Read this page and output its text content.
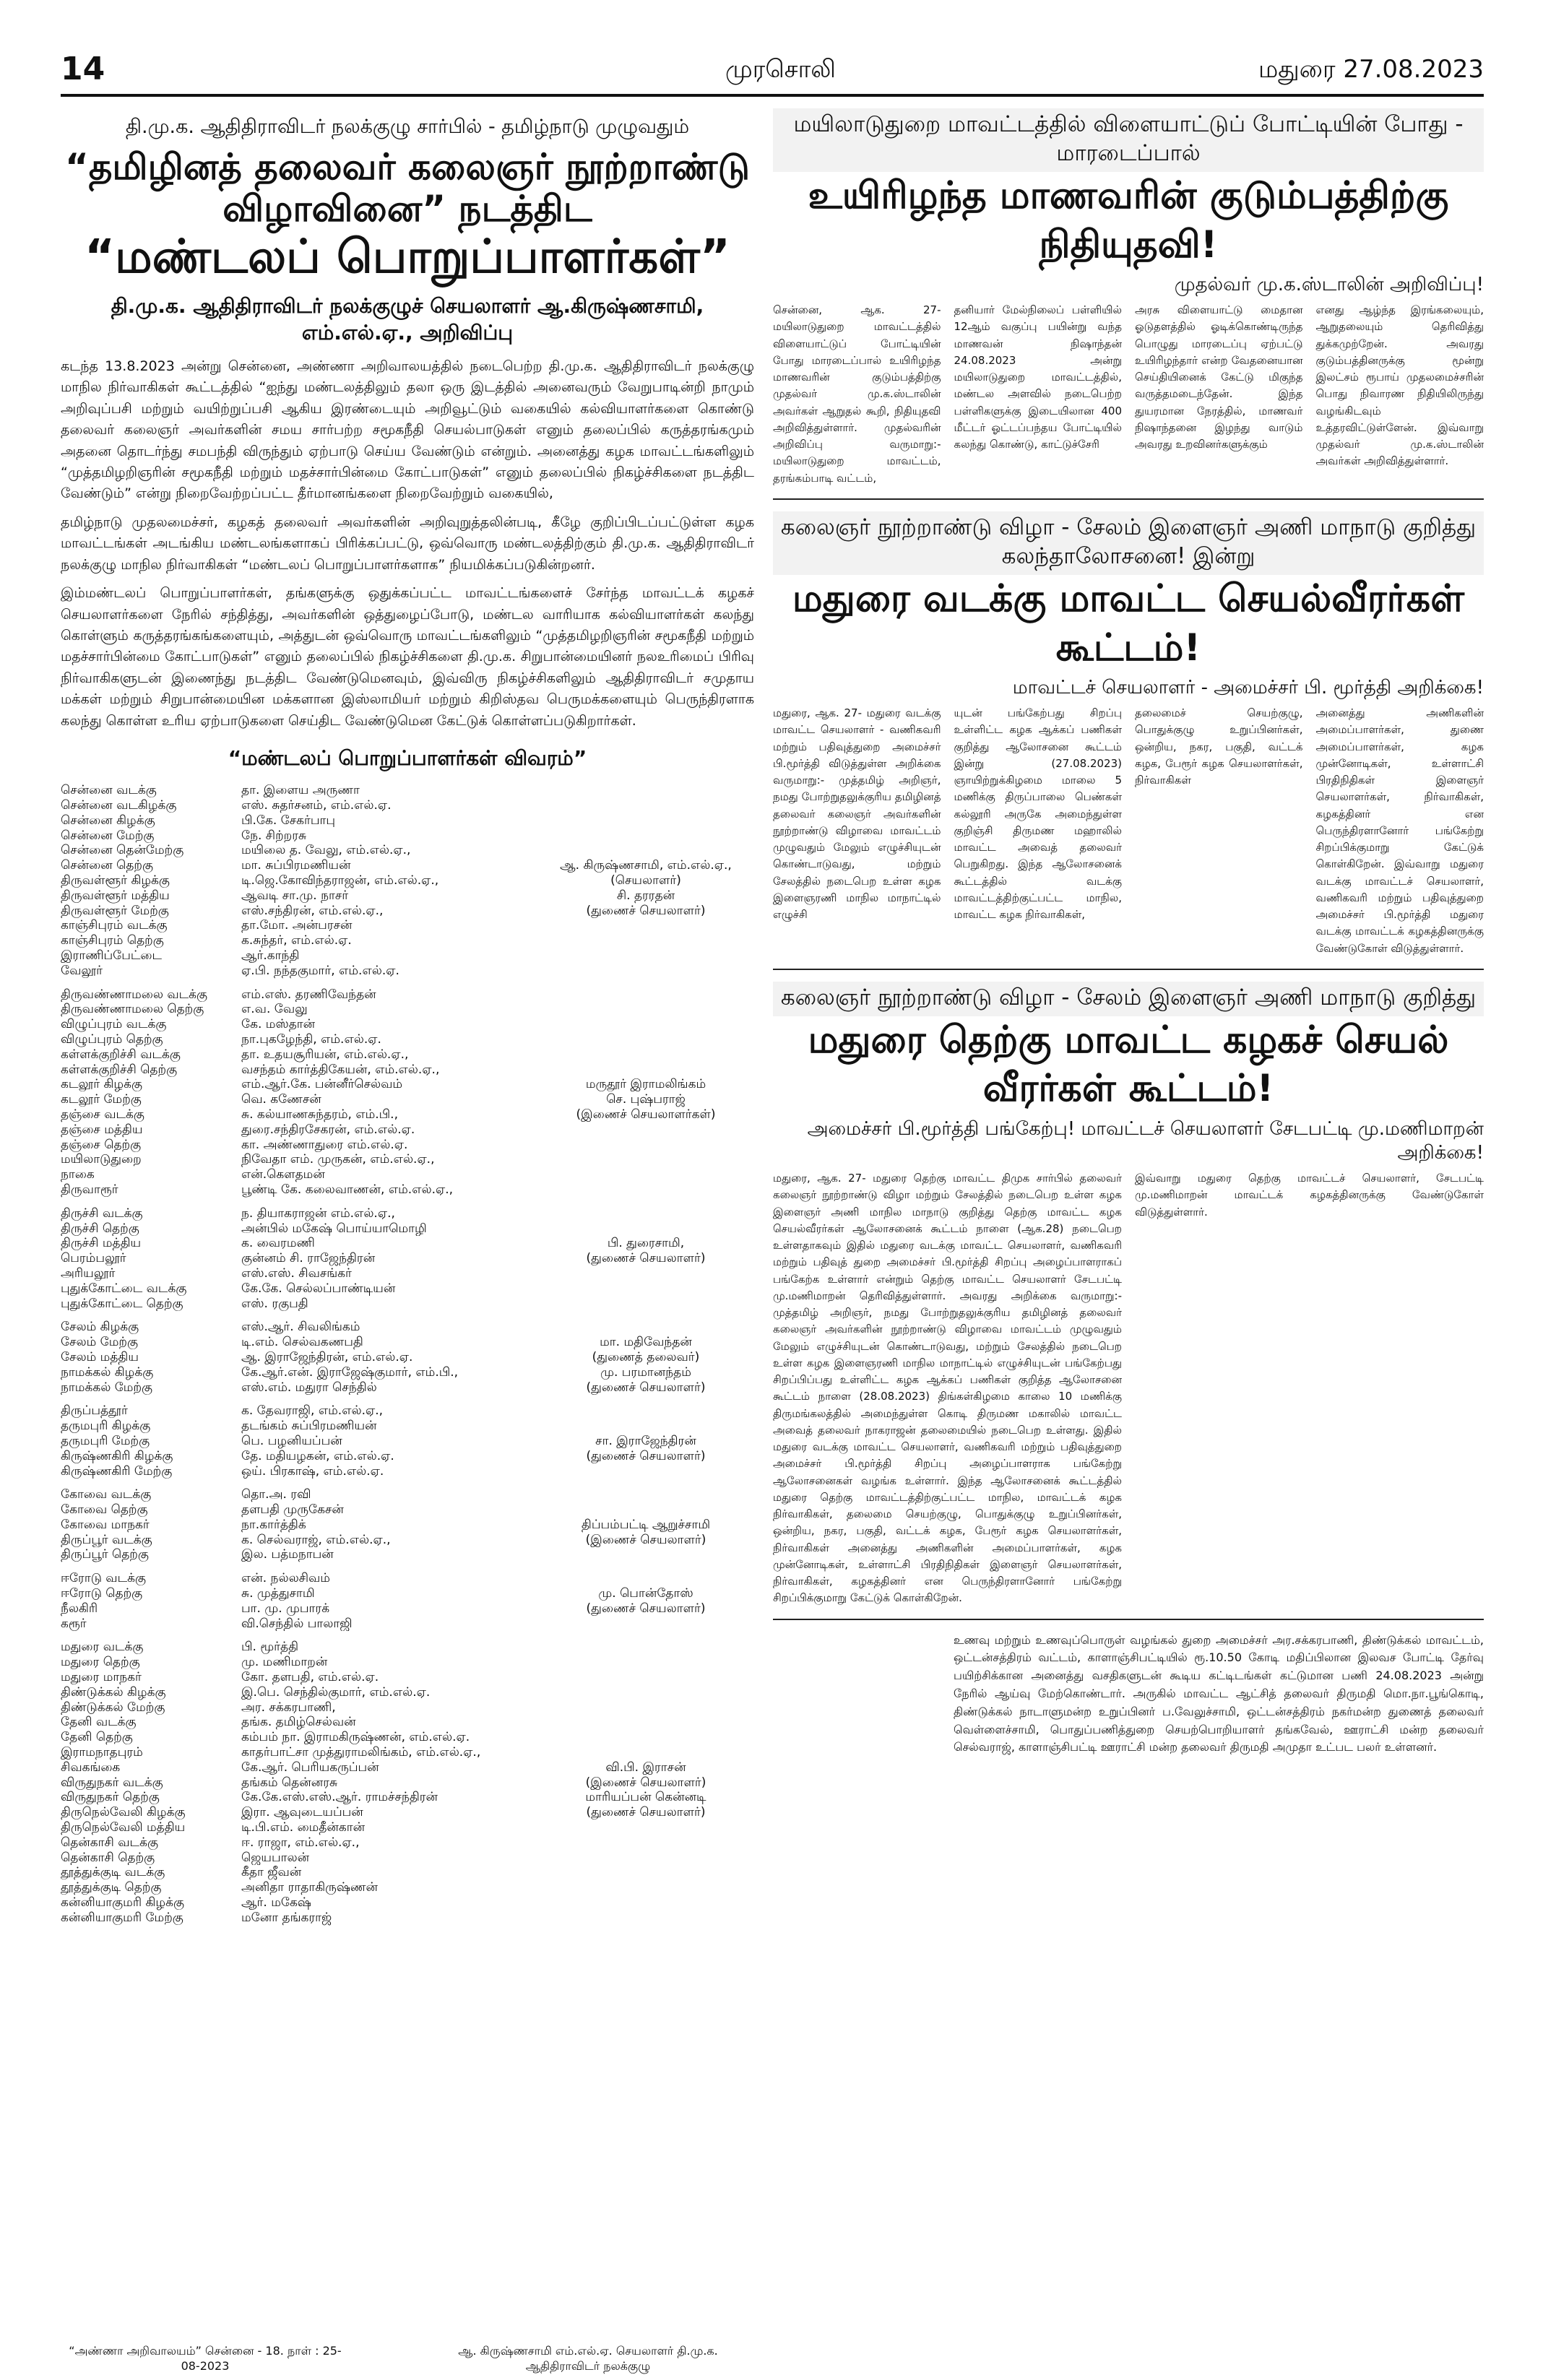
14	முரசொலி	மதுரை 27.08.2023
தி.மு.க. ஆதிதிராவிடர் நலக்குழு சார்பில் - தமிழ்நாடு முழுவதும்
“தமிழினத் தலைவர் கலைஞர் நூற்றாண்டு விழாவினை” நடத்திட
“மண்டலப் பொறுப்பாளர்கள்”
தி.மு.க. ஆதிதிராவிடர் நலக்குழுச் செயலாளர் ஆ.கிருஷ்ணசாமி, எம்.எல்.ஏ., அறிவிப்பு

கடந்த 13.8.2023 அன்று சென்னை, அண்ணா அறிவாலயத்தில் நடைபெற்ற தி.மு.க. ஆதிதிராவிடர் நலக்குழு மாநில நிர்வாகிகள் கூட்டத்தில் “ஐந்து மண்டலத்திலும் தலா ஒரு இடத்தில் அனைவரும் வேறுபாடின்றி நாமும் அறிவுப்பசி மற்றும் வயிற்றுப்பசி ஆகிய இரண்டையும் அறிவூட்டும் வகையில் கல்வியாளர்களை கொண்டு தலைவர் கலைஞர் அவர்களின் சமய சார்பற்ற சமூகநீதி செயல்பாடுகள் எனும் தலைப்பில் கருத்தரங்கமும் அதனை தொடர்ந்து சமபந்தி விருந்தும் ஏற்பாடு செய்ய வேண்டும் என்றும். அனைத்து கழக மாவட்டங்களிலும் “முத்தமிழறிஞரின் சமூகநீதி மற்றும் மதச்சார்பின்மை கோட்பாடுகள்” எனும் தலைப்பில் நிகழ்ச்சிகளை நடத்திட வேண்டும்” என்று நிறைவேற்றப்பட்ட தீர்மானங்களை நிறைவேற்றும் வகையில்,

தமிழ்நாடு முதலமைச்சர், கழகத் தலைவர் அவர்களின் அறிவுறுத்தலின்படி, கீழே குறிப்பிடப்பட்டுள்ள கழக மாவட்டங்கள் அடங்கிய மண்டலங்களாகப் பிரிக்கப்பட்டு, ஒவ்வொரு மண்டலத்திற்கும் தி.மு.க. ஆதிதிராவிடர் நலக்குழு மாநில நிர்வாகிகள் “மண்டலப் பொறுப்பாளர்களாக” நியமிக்கப்படுகின்றனர்.

இம்மண்டலப் பொறுப்பாளர்கள், தங்களுக்கு ஒதுக்கப்பட்ட மாவட்டங்களைச் சேர்ந்த மாவட்டக் கழகச் செயலாளர்களை நேரில் சந்தித்து, அவர்களின் ஒத்துழைப்போடு, மண்டல வாரியாக கல்வியாளர்கள் கலந்து கொள்ளும் கருத்தரங்கங்களையும், அத்துடன் ஒவ்வொரு மாவட்டங்களிலும் “முத்தமிழறிஞரின் சமூகநீதி மற்றும் மதச்சார்பின்மை கோட்பாடுகள்” எனும் தலைப்பில் நிகழ்ச்சிகளை தி.மு.க. சிறுபான்மையினர் நலஉரிமைப் பிரிவு நிர்வாகிகளுடன் இணைந்து நடத்திட வேண்டுமெனவும், இவ்விரு நிகழ்ச்சிகளிலும் ஆதிதிராவிடர் சமுதாய மக்கள் மற்றும் சிறுபான்மையின மக்களான இஸ்லாமியர் மற்றும் கிறிஸ்தவ பெருமக்களையும் பெருந்திரளாக கலந்து கொள்ள உரிய ஏற்பாடுகளை செய்திட வேண்டுமென கேட்டுக் கொள்ளப்படுகிறார்கள்.

“மண்டலப் பொறுப்பாளர்கள் விவரம்”
சென்னை வடக்கு	தா. இளைய அருணா
சென்னை வடகிழக்கு	எஸ். சுதர்சனம், எம்.எல்.ஏ.
சென்னை கிழக்கு	பி.கே. சேகர்பாபு
சென்னை மேற்கு	நே. சிற்றரசு
சென்னை தென்மேற்கு	மயிலை த. வேலு, எம்.எல்.ஏ.,
சென்னை தெற்கு	மா. சுப்பிரமணியன்	ஆ. கிருஷ்ணசாமி, எம்.எல்.ஏ.,
திருவள்ளூர் கிழக்கு	டி.ஜெ.கோவிந்தராஜன், எம்.எல்.ஏ.,	(செயலாளர்)
திருவள்ளூர் மத்திய	ஆவடி சா.மு. நாசர்	சி. தரரதன்
திருவள்ளூர் மேற்கு	எஸ்.சந்திரன், எம்.எல்.ஏ.,	(துணைச் செயலாளர்)
காஞ்சிபுரம் வடக்கு	தா.மோ. அன்பரசன்
காஞ்சிபுரம் தெற்கு	க.சுந்தர், எம்.எல்.ஏ.
இராணிப்பேட்டை	ஆர்.காந்தி
வேலூர்	ஏ.பி. நந்தகுமார், எம்.எல்.ஏ.
திருவண்ணாமலை வடக்கு	எம்.எஸ். தரணிவேந்தன்
திருவண்ணாமலை தெற்கு	எ.வ. வேலு
விழுப்புரம் வடக்கு	கே. மஸ்தான்
விழுப்புரம் தெற்கு	நா.புகழேந்தி, எம்.எல்.ஏ.
கள்ளக்குறிச்சி வடக்கு	தா. உதயசூரியன், எம்.எல்.ஏ.,
கள்ளக்குறிச்சி தெற்கு	வசந்தம் கார்த்திகேயன், எம்.எல்.ஏ.,
கடலூர் கிழக்கு	எம்.ஆர்.கே. பன்னீர்செல்வம்	மருதூர் இராமலிங்கம்
கடலூர் மேற்கு	வெ. கணேசன்	செ. புஷ்பராஜ்
தஞ்சை வடக்கு	சு. கல்யாணசுந்தரம், எம்.பி.,	(இணைச் செயலாளர்கள்)
தஞ்சை மத்திய	துரை.சந்திரசேகரன், எம்.எல்.ஏ.
தஞ்சை தெற்கு	கா. அண்ணாதுரை எம்.எல்.ஏ.
மயிலாடுதுறை	நிவேதா எம். முருகன், எம்.எல்.ஏ.,
நாகை	என்.கௌதமன்
திருவாரூர்	பூண்டி கே. கலைவாணன், எம்.எல்.ஏ.,
திருச்சி வடக்கு	ந. தியாகராஜன் எம்.எல்.ஏ.,
திருச்சி தெற்கு	அன்பில் மகேஷ் பொய்யாமொழி
திருச்சி மத்திய	க. வைரமணி	பி. துரைசாமி,
பெரம்பலூர்	குன்னம் சி. ராஜேந்திரன்	(துணைச் செயலாளர்)
அரியலூர்	எஸ்.எஸ். சிவசங்கர்
புதுக்கோட்டை வடக்கு	கே.கே. செல்லப்பாண்டியன்
புதுக்கோட்டை தெற்கு	எஸ். ரகுபதி
சேலம் கிழக்கு	எஸ்.ஆர். சிவலிங்கம்
சேலம் மேற்கு	டி.எம். செல்வகணபதி	மா. மதிவேந்தன்
சேலம் மத்திய	ஆ. இராஜேந்திரன், எம்.எல்.ஏ.	(துணைத் தலைவர்)
நாமக்கல் கிழக்கு	கே.ஆர்.என். இராஜேஷ்குமார், எம்.பி.,	மு. பரமானந்தம்
நாமக்கல் மேற்கு	எஸ்.எம். மதுரா செந்தில்	(துணைச் செயலாளர்)
திருப்பத்தூர்	க. தேவராஜி, எம்.எல்.ஏ.,
தருமபுரி கிழக்கு	தடங்கம் சுப்பிரமணியன்
தருமபுரி மேற்கு	பெ. பழனியப்பன்	சா. இராஜேந்திரன்
கிருஷ்ணகிரி கிழக்கு	தே. மதியழகன், எம்.எல்.ஏ.	(துணைச் செயலாளர்)
கிருஷ்ணகிரி மேற்கு	ஒய். பிரகாஷ், எம்.எல்.ஏ.
கோவை வடக்கு	தொ.அ. ரவி
கோவை தெற்கு	தளபதி முருகேசன்
கோவை மாநகர்	நா.கார்த்திக்	திப்பம்பட்டி ஆறுச்சாமி
திருப்பூர் வடக்கு	க. செல்வராஜ், எம்.எல்.ஏ.,	(இணைச் செயலாளர்)
திருப்பூர் தெற்கு	இல. பத்மநாபன்
ஈரோடு வடக்கு	என். நல்லசிவம்
ஈரோடு தெற்கு	சு. முத்துசாமி	மு. பொன்தோஸ்
நீலகிரி	பா. மு. முபாரக்	(துணைச் செயலாளர்)
கரூர்	வி.செந்தில் பாலாஜி
மதுரை வடக்கு	பி. மூர்த்தி
மதுரை தெற்கு	மு. மணிமாறன்
மதுரை மாநகர்	கோ. தளபதி, எம்.எல்.ஏ.
திண்டுக்கல் கிழக்கு	இ.பெ. செந்தில்குமார், எம்.எல்.ஏ.
திண்டுக்கல் மேற்கு	அர. சக்கரபாணி,
தேனி வடக்கு	தங்க. தமிழ்செல்வன்
தேனி தெற்கு	கம்பம் நா. இராமகிருஷ்ணன், எம்.எல்.ஏ.
இராமநாதபுரம்	காதர்பாட்சா முத்துராமலிங்கம், எம்.எல்.ஏ.,
சிவகங்கை	கே.ஆர். பெரியகருப்பன்	வி.பி. இராசன்
விருதுநகர் வடக்கு	தங்கம் தென்னரசு	(இணைச் செயலாளர்)
விருதுநகர் தெற்கு	கே.கே.எஸ்.எஸ்.ஆர். ராமச்சந்திரன்	மாரியப்பன் கென்னடி
திருநெல்வேலி கிழக்கு	இரா. ஆவுடையப்பன்	(துணைச் செயலாளர்)
திருநெல்வேலி மத்திய	டி.பி.எம். மைதீன்கான்
தென்காசி வடக்கு	ஈ. ராஜா, எம்.எல்.ஏ.,
தென்காசி தெற்கு	ஜெயபாலன்
தூத்துக்குடி வடக்கு	கீதா ஜீவன்
தூத்துக்குடி தெற்கு	அனிதா ராதாகிருஷ்ணன்
கன்னியாகுமரி கிழக்கு	ஆர். மகேஷ்
கன்னியாகுமரி மேற்கு	மனோ தங்கராஜ்
“அண்ணா அறிவாலயம்” சென்னை - 18. நாள் : 25-08-2023
ஆ. கிருஷ்ணசாமி எம்.எல்.ஏ. செயலாளர் தி.மு.க. ஆதிதிராவிடர் நலக்குழு
மயிலாடுதுறை மாவட்டத்தில் விளையாட்டுப் போட்டியின் போது - மாரடைப்பால்
உயிரிழந்த மாணவரின் குடும்பத்திற்கு நிதியுதவி!
முதல்வர் மு.க.ஸ்டாலின் அறிவிப்பு!

சென்னை, ஆக. 27- மயிலாடுதுறை மாவட்டத்தில் விளையாட்டுப் போட்டியின் போது மாரடைப்பால் உயிரிழந்த மாணவரின் குடும்பத்திற்கு முதல்வர் மு.க.ஸ்டாலின் அவர்கள் ஆறுதல் கூறி, நிதியுதவி அறிவித்துள்ளார். முதல்வரின் அறிவிப்பு வருமாறு:- மயிலாடுதுறை மாவட்டம், தரங்கம்பாடி வட்டம்,

தனியார் மேல்நிலைப் பள்ளியில் 12ஆம் வகுப்பு பயின்று வந்த மாணவன் நிஷாந்தன் 24.08.2023 அன்று மயிலாடுதுறை மாவட்டத்தில், மண்டல அளவில் நடைபெற்ற பள்ளிகளுக்கு இடையிலான 400 மீட்டர் ஓட்டப்பந்தய போட்டியில் கலந்து கொண்டு, காட்டுச்சேரி

அரசு விளையாட்டு மைதான ஓடுதளத்தில் ஓடிக்கொண்டிருந்த பொழுது மாரடைப்பு ஏற்பட்டு உயிரிழந்தார் என்ற வேதனையான செய்தியினைக் கேட்டு மிகுந்த வருத்தமடைந்தேன். இந்த துயரமான நேரத்தில், மாணவர் நிஷாந்தனை இழந்து வாடும் அவரது உறவினர்களுக்கும்

எனது ஆழ்ந்த இரங்கலையும், ஆறுதலையும் தெரிவித்து துக்கமுற்றேன். அவரது குடும்பத்தினருக்கு மூன்று இலட்சம் ரூபாய் முதலமைச்சரின் பொது நிவாரண நிதியிலிருந்து வழங்கிடவும் உத்தரவிட்டுள்ளேன். இவ்வாறு முதல்வர் மு.க.ஸ்டாலின் அவர்கள் அறிவித்துள்ளார்.

கலைஞர் நூற்றாண்டு விழா - சேலம் இளைஞர் அணி மாநாடு குறித்து கலந்தாலோசனை! இன்று
மதுரை வடக்கு மாவட்ட செயல்வீரர்கள் கூட்டம்!
மாவட்டச் செயலாளர் - அமைச்சர் பி. மூர்த்தி அறிக்கை!

மதுரை, ஆக. 27- மதுரை வடக்கு மாவட்ட செயலாளர் - வணிகவரி மற்றும் பதிவுத்துறை அமைச்சர் பி.மூர்த்தி விடுத்துள்ள அறிக்கை வருமாறு:- முத்தமிழ் அறிஞர், நமது போற்றுதலுக்குரிய தமிழினத் தலைவர் கலைஞர் அவர்களின் நூற்றாண்டு விழாவை மாவட்டம் முழுவதும் மேலும் எழுச்சியுடன் கொண்டாடுவது, மற்றும் சேலத்தில் நடைபெற உள்ள கழக இளைஞரணி மாநில மாநாட்டில் எழுச்சி

யுடன் பங்கேற்பது சிறப்பு உள்ளிட்ட கழக ஆக்கப் பணிகள் குறித்து ஆலோசனை கூட்டம் இன்று (27.08.2023) ஞாயிற்றுக்கிழமை மாலை 5 மணிக்கு திருப்பாலை பெண்கள் கல்லூரி அருகே அமைந்துள்ள குறிஞ்சி திருமண மஹாலில் மாவட்ட அவைத் தலைவர் பெறுகிறது. இந்த ஆலோசனைக் கூட்டத்தில் வடக்கு மாவட்டத்திற்குட்பட்ட மாநில, மாவட்ட கழக நிர்வாகிகள்,

தலைமைச் செயற்குழு, பொதுக்குழு உறுப்பினர்கள், ஒன்றிய, நகர, பகுதி, வட்டக் கழக, பேரூர் கழக செயலாளர்கள், நிர்வாகிகள்

அனைத்து அணிகளின் அமைப்பாளர்கள், துணை அமைப்பாளர்கள், கழக முன்னோடிகள், உள்ளாட்சி பிரதிநிதிகள் இளைஞர் செயலாளர்கள், நிர்வாகிகள், கழகத்தினர் என பெருந்திரளானோர் பங்கேற்று சிறப்பிக்குமாறு கேட்டுக் கொள்கிறேன். இவ்வாறு மதுரை வடக்கு மாவட்டச் செயலாளர், வணிகவரி மற்றும் பதிவுத்துறை அமைச்சர் பி.மூர்த்தி மதுரை வடக்கு மாவட்டக் கழகத்தினருக்கு வேண்டுகோள் விடுத்துள்ளார்.

கலைஞர் நூற்றாண்டு விழா - சேலம் இளைஞர் அணி மாநாடு குறித்து
மதுரை தெற்கு மாவட்ட கழகச் செயல் வீரர்கள் கூட்டம்!
அமைச்சர் பி.மூர்த்தி பங்கேற்பு! மாவட்டச் செயலாளர் சேடபட்டி மு.மணிமாறன் அறிக்கை!

மதுரை, ஆக. 27- மதுரை தெற்கு மாவட்ட திமுக சார்பில் தலைவர் கலைஞர் நூற்றாண்டு விழா மற்றும் சேலத்தில் நடைபெற உள்ள கழக இளைஞர் அணி மாநில மாநாடு குறித்து தெற்கு மாவட்ட கழக செயல்வீரர்கள் ஆலோசனைக் கூட்டம் நாளை (ஆக.28) நடைபெற உள்ளதாகவும் இதில் மதுரை வடக்கு மாவட்ட செயலாளர், வணிகவரி மற்றும் பதிவுத் துறை அமைச்சர் பி.மூர்த்தி சிறப்பு அழைப்பாளராகப் பங்கேற்க உள்ளார் என்றும் தெற்கு மாவட்ட செயலாளர் சேடபட்டி மு.மணிமாறன் தெரிவித்துள்ளார். அவரது அறிக்கை வருமாறு:- முத்தமிழ் அறிஞர், நமது போற்றுதலுக்குரிய தமிழினத் தலைவர் கலைஞர் அவர்களின் நூற்றாண்டு விழாவை மாவட்டம் முழுவதும் மேலும் எழுச்சியுடன் கொண்டாடுவது, மற்றும் சேலத்தில் நடைபெற உள்ள கழக இளைஞரணி மாநில மாநாட்டில் எழுச்சியுடன் பங்கேற்பது சிறப்பிப்பது உள்ளிட்ட கழக ஆக்கப் பணிகள் குறித்த ஆலோசனை கூட்டம் நாளை (28.08.2023) திங்கள்கிழமை காலை 10 மணிக்கு திருமங்கலத்தில் அமைந்துள்ள கொடி திருமண மகாலில் மாவட்ட அவைத் தலைவர் நாகராஜன் தலைமையில் நடைபெற உள்ளது. இதில் மதுரை வடக்கு மாவட்ட செயலாளர், வணிகவரி மற்றும் பதிவுத்துறை அமைச்சர் பி.மூர்த்தி சிறப்பு அழைப்பாளராக பங்கேற்று ஆலோசனைகள் வழங்க உள்ளார். இந்த ஆலோசனைக் கூட்டத்தில் மதுரை தெற்கு மாவட்டத்திற்குட்பட்ட மாநில, மாவட்டக் கழக நிர்வாகிகள், தலைமை செயற்குழு, பொதுக்குழு உறுப்பினர்கள், ஒன்றிய, நகர, பகுதி, வட்டக் கழக, பேரூர் கழக செயலாளர்கள், நிர்வாகிகள் அனைத்து அணிகளின் அமைப்பாளர்கள், கழக முன்னோடிகள், உள்ளாட்சி பிரதிநிதிகள் இளைஞர் செயலாளர்கள், நிர்வாகிகள், கழகத்தினர் என பெருந்திரளானோர் பங்கேற்று சிறப்பிக்குமாறு கேட்டுக் கொள்கிறேன்.

இவ்வாறு மதுரை தெற்கு மாவட்டச் செயலாளர், சேடபட்டி மு.மணிமாறன் மாவட்டக் கழகத்தினருக்கு வேண்டுகோள் விடுத்துள்ளார்.

உணவு மற்றும் உணவுப்பொருள் வழங்கல் துறை அமைச்சர் அர.சக்கரபாணி, திண்டுக்கல் மாவட்டம், ஒட்டன்சத்திரம் வட்டம், காளாஞ்சிபட்டியில் ரூ.10.50 கோடி மதிப்பிலான இலவச போட்டி தேர்வு பயிற்சிக்கான அனைத்து வசதிகளுடன் கூடிய கட்டிடங்கள் கட்டுமான பணி 24.08.2023 அன்று நேரில் ஆய்வு மேற்கொண்டார். அருகில் மாவட்ட ஆட்சித் தலைவர் திருமதி மொ.நா.பூங்கொடி, திண்டுக்கல் நாடாளுமன்ற உறுப்பினர் ப.வேலுச்சாமி, ஒட்டன்சத்திரம் நகர்மன்ற துணைத் தலைவர் வெள்ளைச்சாமி, பொதுப்பணித்துறை செயற்பொறியாளர் தங்கவேல், ஊராட்சி மன்ற தலைவர் செல்வராஜ், காளாஞ்சிபட்டி ஊராட்சி மன்ற தலைவர் திருமதி அமுதா உட்பட பலர் உள்ளனர்.
